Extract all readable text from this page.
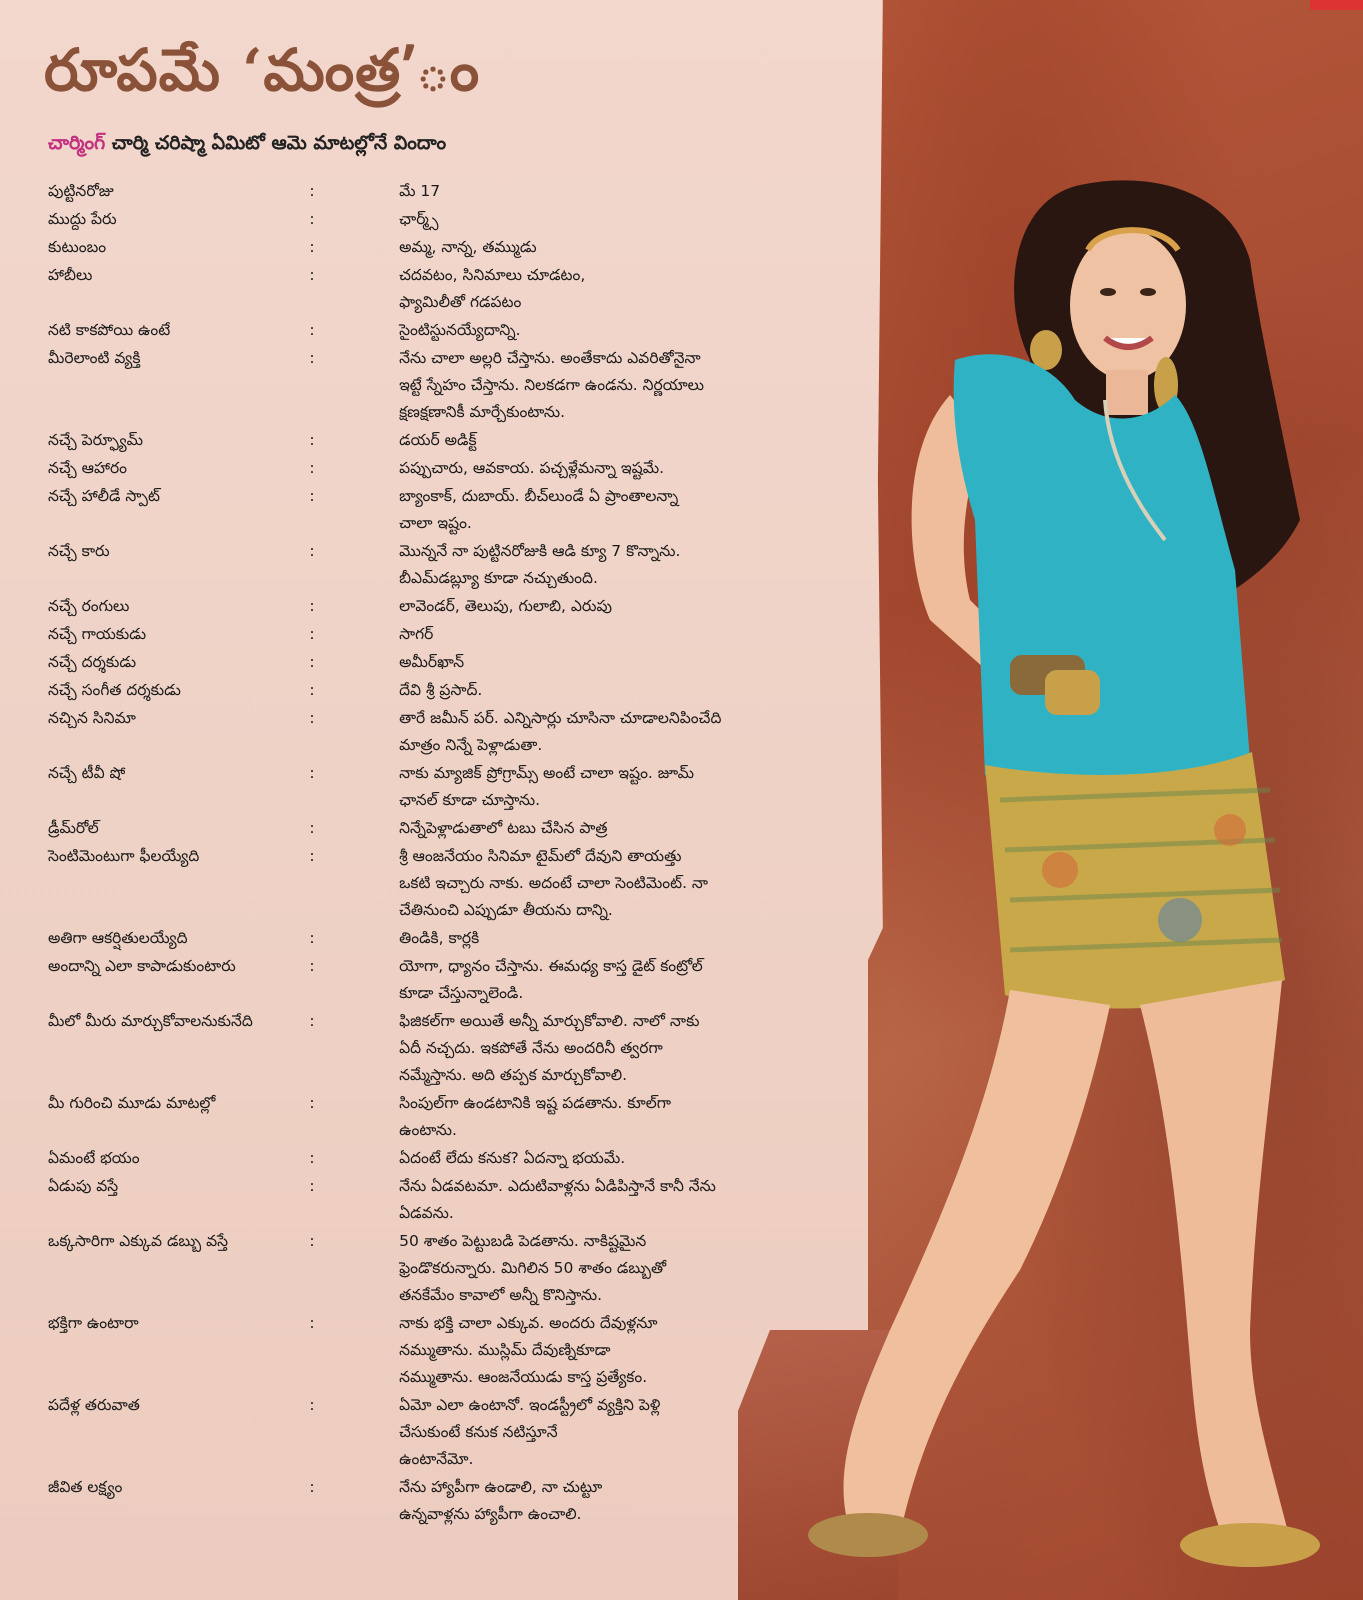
రూపమే ‘మంత్ర’ం
చార్మింగ్ చార్మి చరిష్మా ఏమిటో ఆమె మాటల్లోనే విందాం
పుట్టినరోజు	:	మే 17
ముద్దు పేరు	:	ఛార్మ్స్
కుటుంబం	:	అమ్మ, నాన్న, తమ్ముడు
హాబీలు	:	చదవటం, సినిమాలు చూడటం,
ఫ్యామిలీతో గడపటం
నటి కాకపోయి ఉంటే	:	సైంటిస్టునయ్యేదాన్ని.
మీరెలాంటి వ్యక్తి	:	నేను చాలా అల్లరి చేస్తాను. అంతేకాదు ఎవరితోనైనా
ఇట్టే స్నేహం చేస్తాను. నిలకడగా ఉండను. నిర్ణయాలు
క్షణక్షణానికీ మార్చేకుంటాను.
నచ్చే పెర్ఫ్యూమ్	:	డయర్ అడిక్ట్
నచ్చే ఆహారం	:	పప్పుచారు, ఆవకాయ. పచ్చళ్లేమన్నా ఇష్టమే.
నచ్చే హాలీడే స్పాట్	:	బ్యాంకాక్, దుబాయ్. బీచ్‌లుండే ఏ ప్రాంతాలన్నా
చాలా ఇష్టం.
నచ్చే కారు	:	మొన్ననే నా పుట్టినరోజుకి ఆడి క్యూ 7 కొన్నాను.
బీఎమ్‌డబ్ల్యూ కూడా నచ్చుతుంది.
నచ్చే రంగులు	:	లావెండర్, తెలుపు, గులాబి, ఎరుపు
నచ్చే గాయకుడు	:	సాగర్
నచ్చే దర్శకుడు	:	అమీర్‌ఖాన్
నచ్చే సంగీత దర్శకుడు	:	దేవి శ్రీ ప్రసాద్.
నచ్చిన సినిమా	:	తారే జమీన్ పర్. ఎన్నిసార్లు చూసినా చూడాలనిపించేది
మాత్రం నిన్నే పెళ్లాడుతా.
నచ్చే టీవీ షో	:	నాకు మ్యాజిక్ ప్రోగ్రామ్స్ అంటే చాలా ఇష్టం. జూమ్
ఛానల్ కూడా చూస్తాను.
డ్రీమ్‌రోల్	:	నిన్నేపెళ్లాడుతాలో టబు చేసిన పాత్ర
సెంటిమెంటుగా ఫీలయ్యేది	:	శ్రీ ఆంజనేయం సినిమా టైమ్‌లో దేవుని తాయత్తు
ఒకటి ఇచ్చారు నాకు. అదంటే చాలా సెంటిమెంట్. నా
చేతినుంచి ఎప్పుడూ తీయను దాన్ని.
అతిగా ఆకర్షితులయ్యేది	:	తిండికి, కార్లకి
అందాన్ని ఎలా కాపాడుకుంటారు	:	యోగా, ధ్యానం చేస్తాను. ఈమధ్య కాస్త డైట్ కంట్రోల్
కూడా చేస్తున్నాలెండి.
మీలో మీరు మార్చుకోవాలనుకునేది	:	ఫిజికల్‌గా అయితే అన్నీ మార్చుకోవాలి. నాలో నాకు
ఏదీ నచ్చదు. ఇకపోతే నేను అందరినీ త్వరగా
నమ్మేస్తాను. అది తప్పక మార్చుకోవాలి.
మీ గురించి మూడు మాటల్లో	:	సింపుల్‌గా ఉండటానికి ఇష్ట పడతాను. కూల్‌గా
ఉంటాను.
ఏమంటే భయం	:	ఏదంటే లేదు కనుక? ఏదన్నా భయమే.
ఏడుపు వస్తే	:	నేను ఏడవటమా. ఎదుటివాళ్లను ఏడిపిస్తానే కానీ నేను
ఏడవను.
ఒక్కసారిగా ఎక్కువ డబ్బు వస్తే	:	50 శాతం పెట్టుబడి పెడతాను. నాకిష్టమైన
ఫ్రెండొకరున్నారు. మిగిలిన 50 శాతం డబ్బుతో
తనకేమేం కావాలో అన్నీ కొనిస్తాను.
భక్తిగా ఉంటారా	:	నాకు భక్తి చాలా ఎక్కువ. అందరు దేవుళ్లనూ
నమ్ముతాను. ముస్లిమ్ దేవుణ్నికూడా
నమ్ముతాను. ఆంజనేయుడు కాస్త ప్రత్యేకం.
పదేళ్ల తరువాత	:	ఏమో ఎలా ఉంటానో. ఇండస్ట్రీలో వ్యక్తిని పెళ్లి
చేసుకుంటే కనుక నటిస్తూనే
ఉంటానేమో.
జీవిత లక్ష్యం	:	నేను హ్యాపీగా ఉండాలి, నా చుట్టూ
ఉన్నవాళ్లను హ్యాపీగా ఉంచాలి.
